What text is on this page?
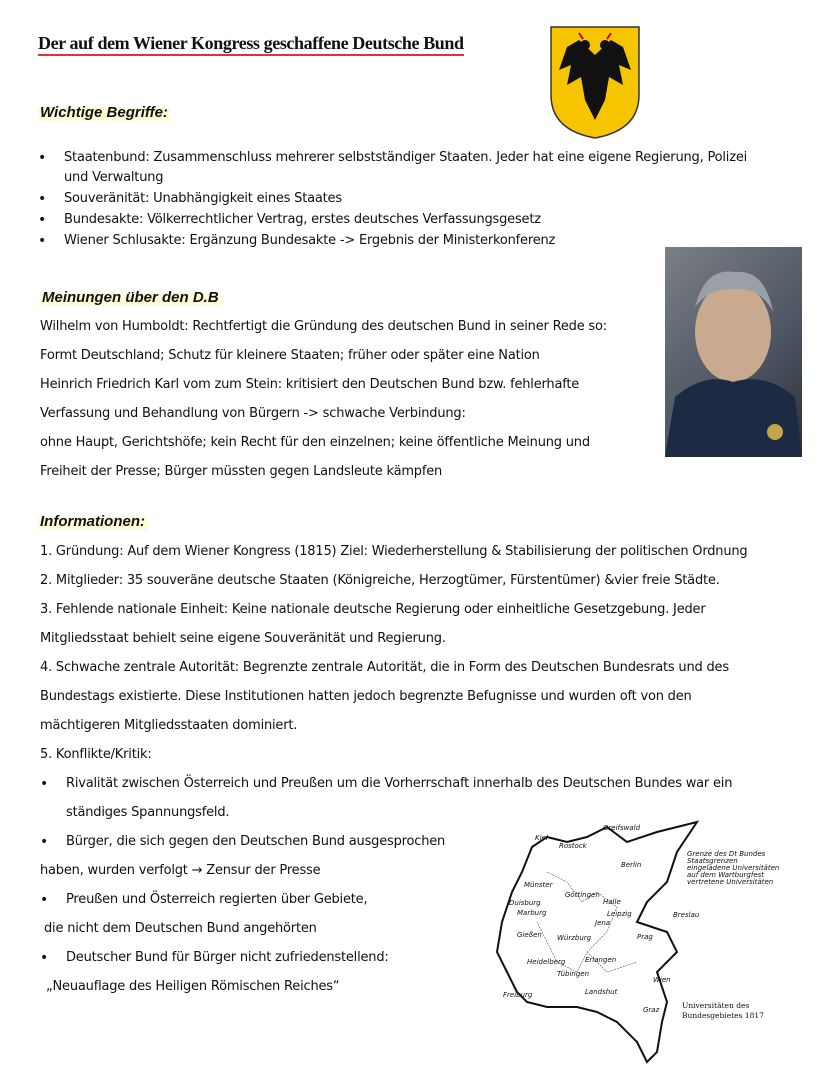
Der auf dem Wiener Kongress geschaffene Deutsche Bund
Wichtige Begriffe:
• Staatenbund: Zusammenschluss mehrerer selbstständiger Staaten. Jeder hat eine eigene Regierung, Polizei
und Verwaltung
• Souveränität: Unabhängigkeit eines Staates
• Bundesakte: Völkerrechtlicher Vertrag, erstes deutsches Verfassungsgesetz
• Wiener Schlusakte: Ergänzung Bundesakte -> Ergebnis der Ministerkonferenz
Meinungen über den D.B
Wilhelm von Humboldt: Rechtfertigt die Gründung des deutschen Bund in seiner Rede so:
Formt Deutschland; Schutz für kleinere Staaten; früher oder später eine Nation
Heinrich Friedrich Karl vom zum Stein: kritisiert den Deutschen Bund bzw. fehlerhafte
Verfassung und Behandlung von Bürgern -> schwache Verbindung:
ohne Haupt, Gerichtshöfe; kein Recht für den einzelnen; keine öffentliche Meinung und
Freiheit der Presse; Bürger müssten gegen Landsleute kämpfen
Informationen:
1. Gründung: Auf dem Wiener Kongress (1815) Ziel: Wiederherstellung & Stabilisierung der politischen Ordnung
2. Mitglieder: 35 souveräne deutsche Staaten (Königreiche, Herzogtümer, Fürstentümer) &vier freie Städte.
3. Fehlende nationale Einheit: Keine nationale deutsche Regierung oder einheitliche Gesetzgebung. Jeder
Mitgliedsstaat behielt seine eigene Souveränität und Regierung.
4. Schwache zentrale Autorität: Begrenzte zentrale Autorität, die in Form des Deutschen Bundesrats und des
Bundestags existierte. Diese Institutionen hatten jedoch begrenzte Befugnisse und wurden oft von den
mächtigeren Mitgliedsstaaten dominiert.
5. Konflikte/Kritik:
• Rivalität zwischen Österreich und Preußen um die Vorherrschaft innerhalb des Deutschen Bundes war ein
ständiges Spannungsfeld.
• Bürger, die sich gegen den Deutschen Bund ausgesprochen
haben, wurden verfolgt → Zensur der Presse
• Preußen und Österreich regierten über Gebiete,
die nicht dem Deutschen Bund angehörten
• Deutscher Bund für Bürger nicht zufriedenstellend:
„Neuauflage des Heiligen Römischen Reiches“
Kiel
Rostock
Greifswald
Berlin
Münster
Duisburg
Marburg
Gießen
Göttingen
Halle
Leipzig
Jena
Würzburg
Erlangen
Heidelberg
Tübingen
Landshut
Freiburg
Breslau
Prag
Wien
Graz
Grenze des Dt Bundes
Staatsgrenzen
eingeladene Universitäten
auf dem Wartburgfest
vertretene Universitäten
Universitäten des
Bundesgebietes 1817
